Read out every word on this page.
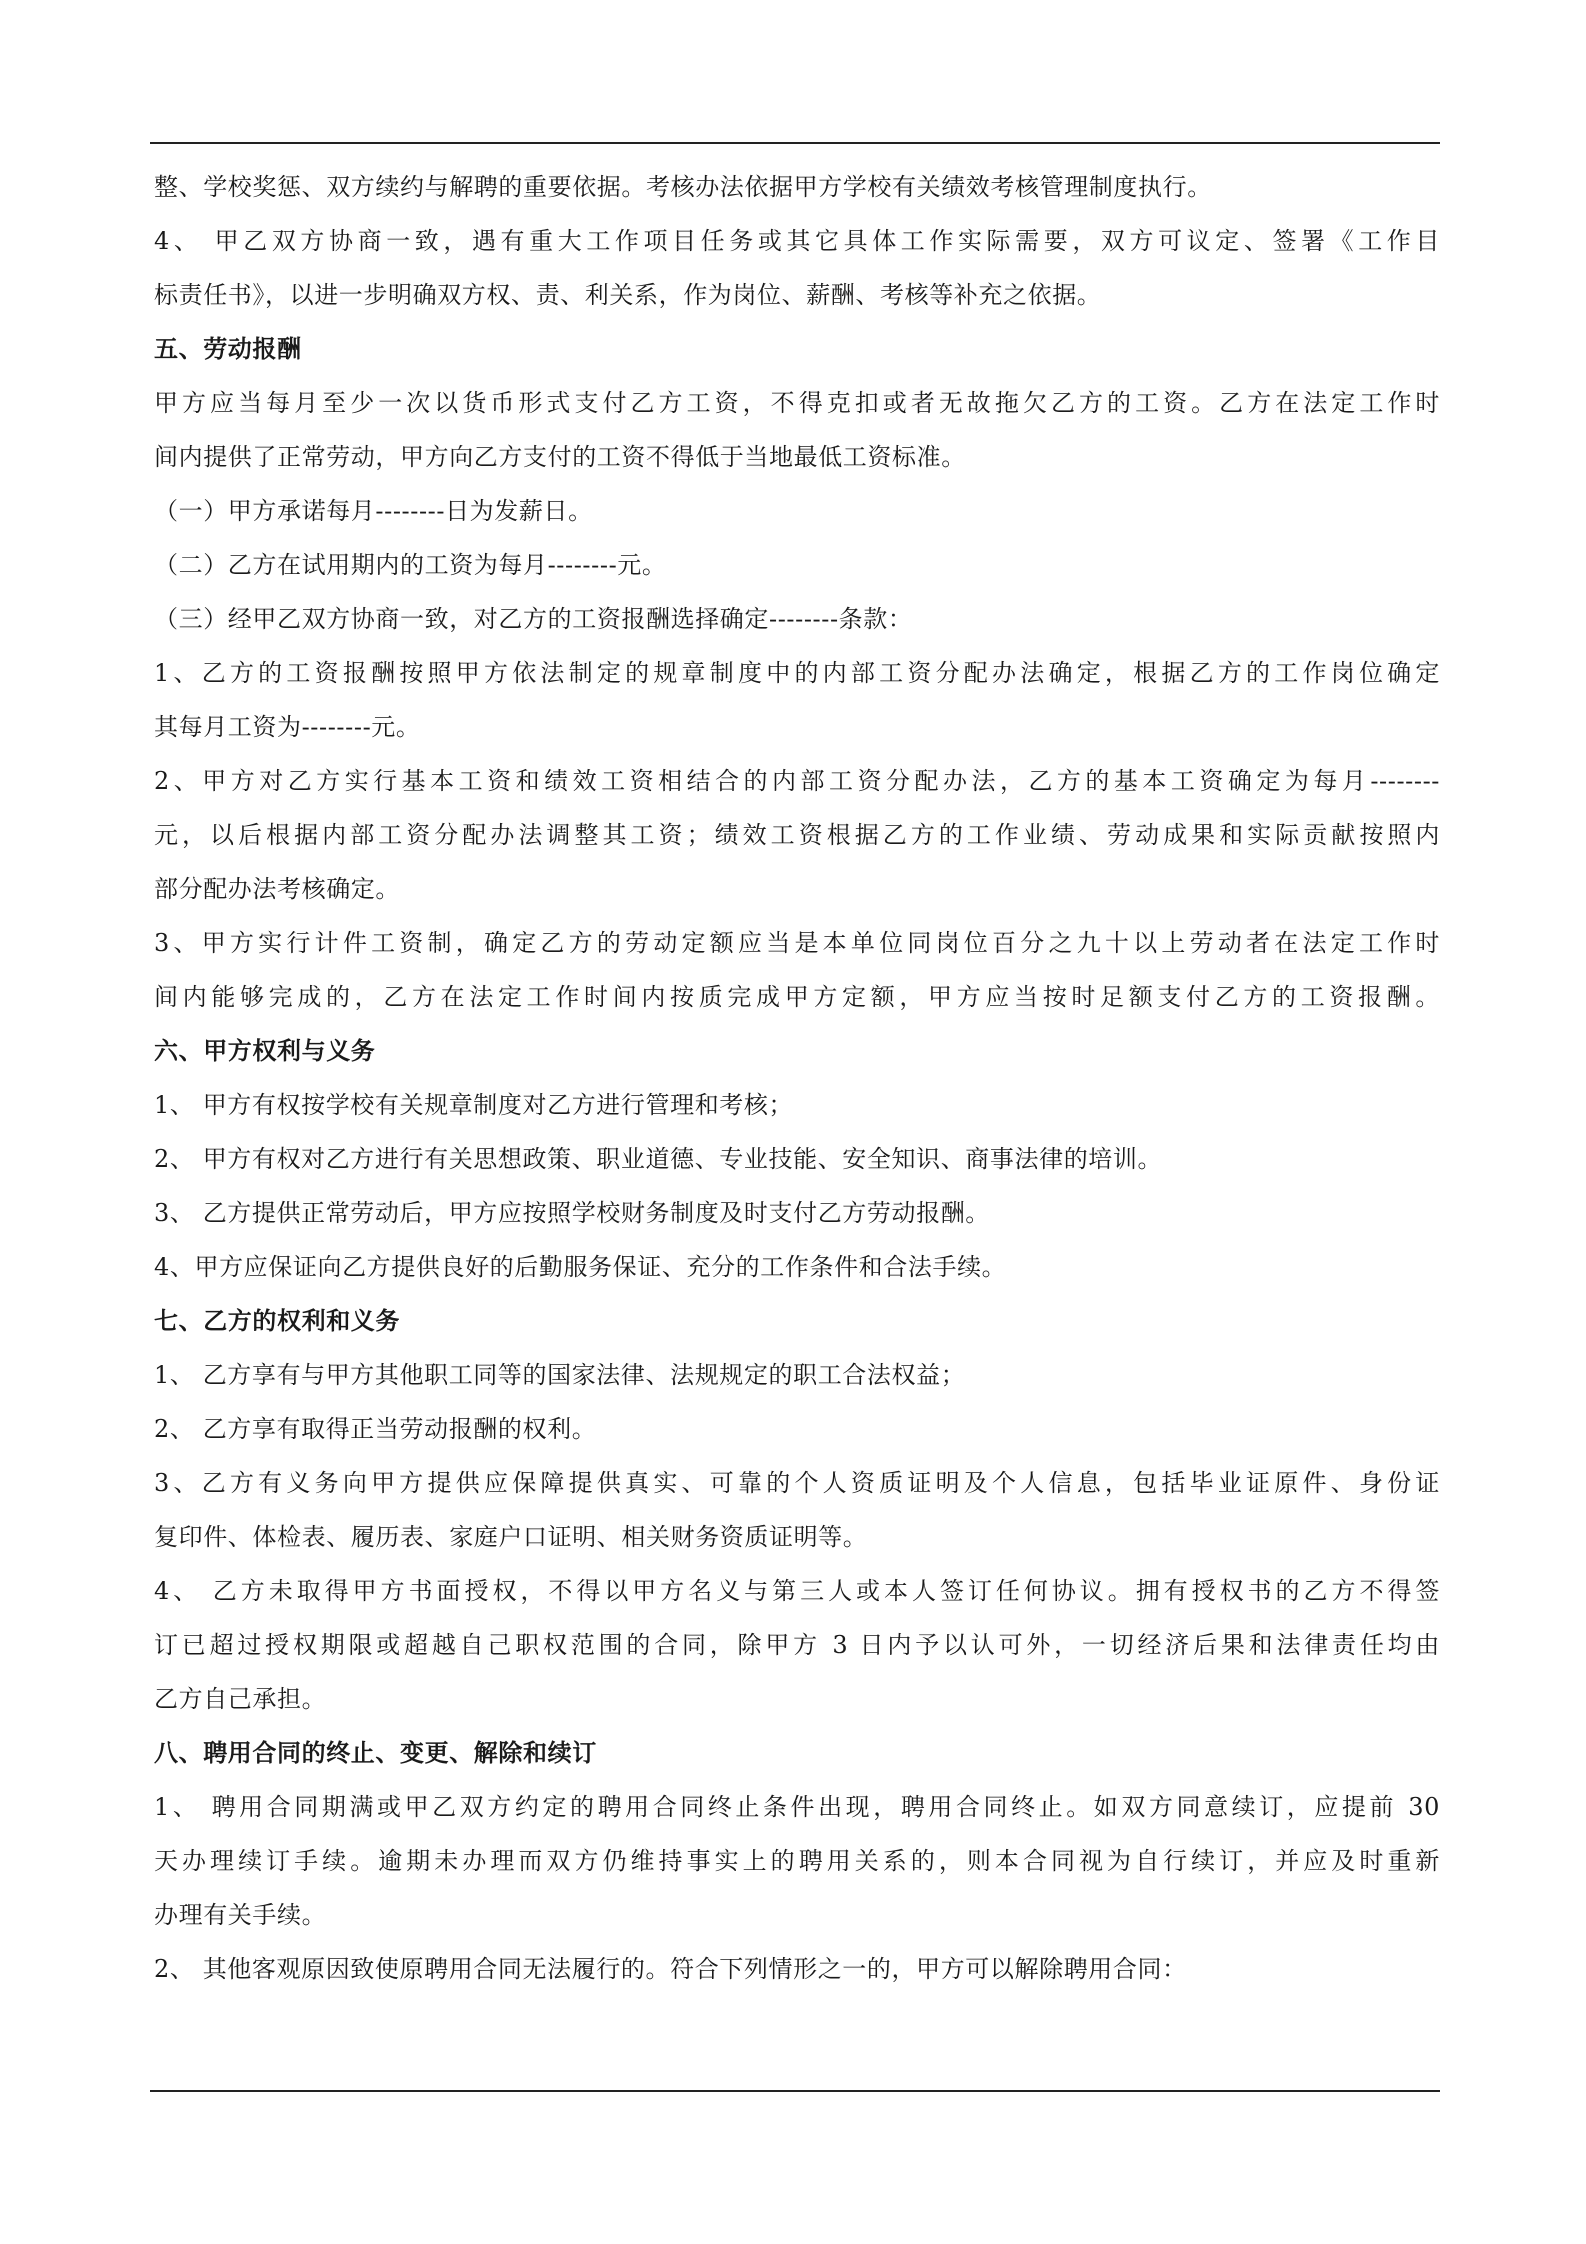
整、学校奖惩、双方续约与解聘的重要依据。考核办法依据甲方学校有关绩效考核管理制度执行。
4、 甲乙双方协商一致，遇有重大工作项目任务或其它具体工作实际需要，双方可议定、签署《工作目
标责任书》，以进一步明确双方权、责、利关系，作为岗位、薪酬、考核等补充之依据。
五、劳动报酬
甲方应当每月至少一次以货币形式支付乙方工资，不得克扣或者无故拖欠乙方的工资。乙方在法定工作时
间内提供了正常劳动，甲方向乙方支付的工资不得低于当地最低工资标准。
（一）甲方承诺每月--------日为发薪日。
（二）乙方在试用期内的工资为每月--------元。
（三）经甲乙双方协商一致，对乙方的工资报酬选择确定--------条款：
1、乙方的工资报酬按照甲方依法制定的规章制度中的内部工资分配办法确定，根据乙方的工作岗位确定
其每月工资为--------元。
2、甲方对乙方实行基本工资和绩效工资相结合的内部工资分配办法，乙方的基本工资确定为每月--------
元，以后根据内部工资分配办法调整其工资；绩效工资根据乙方的工作业绩、劳动成果和实际贡献按照内
部分配办法考核确定。
3、甲方实行计件工资制，确定乙方的劳动定额应当是本单位同岗位百分之九十以上劳动者在法定工作时
间内能够完成的，乙方在法定工作时间内按质完成甲方定额，甲方应当按时足额支付乙方的工资报酬。
六、甲方权利与义务
1、 甲方有权按学校有关规章制度对乙方进行管理和考核；
2、 甲方有权对乙方进行有关思想政策、职业道德、专业技能、安全知识、商事法律的培训。
3、 乙方提供正常劳动后，甲方应按照学校财务制度及时支付乙方劳动报酬。
4、甲方应保证向乙方提供良好的后勤服务保证、充分的工作条件和合法手续。
七、乙方的权利和义务
1、 乙方享有与甲方其他职工同等的国家法律、法规规定的职工合法权益；
2、 乙方享有取得正当劳动报酬的权利。
3、乙方有义务向甲方提供应保障提供真实、可靠的个人资质证明及个人信息，包括毕业证原件、身份证
复印件、体检表、履历表、家庭户口证明、相关财务资质证明等。
4、 乙方未取得甲方书面授权，不得以甲方名义与第三人或本人签订任何协议。拥有授权书的乙方不得签
订已超过授权期限或超越自己职权范围的合同，除甲方 3 日内予以认可外，一切经济后果和法律责任均由
乙方自己承担。
八、聘用合同的终止、变更、解除和续订
1、 聘用合同期满或甲乙双方约定的聘用合同终止条件出现，聘用合同终止。如双方同意续订，应提前 30
天办理续订手续。逾期未办理而双方仍维持事实上的聘用关系的，则本合同视为自行续订，并应及时重新
办理有关手续。
2、 其他客观原因致使原聘用合同无法履行的。符合下列情形之一的，甲方可以解除聘用合同：
